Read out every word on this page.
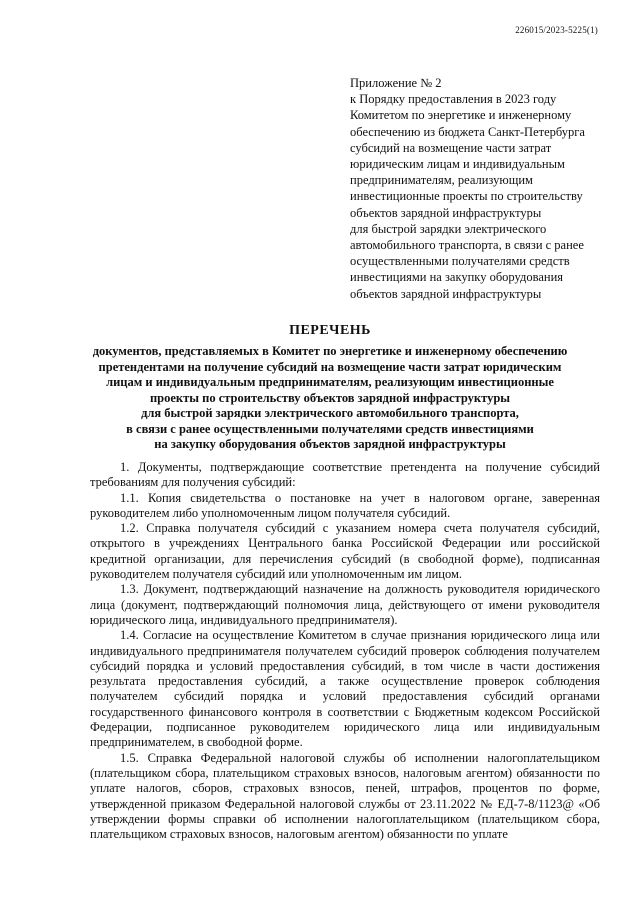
226015/2023-5225(1)
Приложение № 2
к Порядку предоставления в 2023 году
Комитетом по энергетике и инженерному
обеспечению из бюджета Санкт-Петербурга
субсидий на возмещение части затрат
юридическим лицам и индивидуальным
предпринимателям, реализующим
инвестиционные проекты по строительству
объектов зарядной инфраструктуры
для быстрой зарядки электрического
автомобильного транспорта, в связи с ранее
осуществленными получателями средств
инвестициями на закупку оборудования
объектов зарядной инфраструктуры
ПЕРЕЧЕНЬ
документов, представляемых в Комитет по энергетике и инженерному обеспечению
претендентами на получение субсидий на возмещение части затрат юридическим
лицам и индивидуальным предпринимателям, реализующим инвестиционные
проекты по строительству объектов зарядной инфраструктуры
для быстрой зарядки электрического автомобильного транспорта,
в связи с ранее осуществленными получателями средств инвестициями
на закупку оборудования объектов зарядной инфраструктуры

1. Документы, подтверждающие соответствие претендента на получение субсидий требованиям для получения субсидий:

1.1. Копия свидетельства о постановке на учет в налоговом органе, заверенная руководителем либо уполномоченным лицом получателя субсидий.

1.2. Справка получателя субсидий с указанием номера счета получателя субсидий, открытого в учреждениях Центрального банка Российской Федерации или российской кредитной организации, для перечисления субсидий (в свободной форме), подписанная руководителем получателя субсидий или уполномоченным им лицом.

1.3. Документ, подтверждающий назначение на должность руководителя юридического лица (документ, подтверждающий полномочия лица, действующего от имени руководителя юридического лица, индивидуального предпринимателя).

1.4. Согласие на осуществление Комитетом в случае признания юридического лица или индивидуального предпринимателя получателем субсидий проверок соблюдения получателем субсидий порядка и условий предоставления субсидий, в том числе в части достижения результата предоставления субсидий, а также осуществление проверок соблюдения получателем субсидий порядка и условий предоставления субсидий органами государственного финансового контроля в соответствии с Бюджетным кодексом Российской Федерации, подписанное руководителем юридического лица или индивидуальным предпринимателем, в свободной форме.

1.5. Справка Федеральной налоговой службы об исполнении налогоплательщиком (плательщиком сбора, плательщиком страховых взносов, налоговым агентом) обязанности по уплате налогов, сборов, страховых взносов, пеней, штрафов, процентов по форме, утвержденной приказом Федеральной налоговой службы от 23.11.2022 № ЕД-7-8/1123@ «Об утверждении формы справки об исполнении налогоплательщиком (плательщиком сбора, плательщиком страховых взносов, налоговым агентом) обязанности по уплате
